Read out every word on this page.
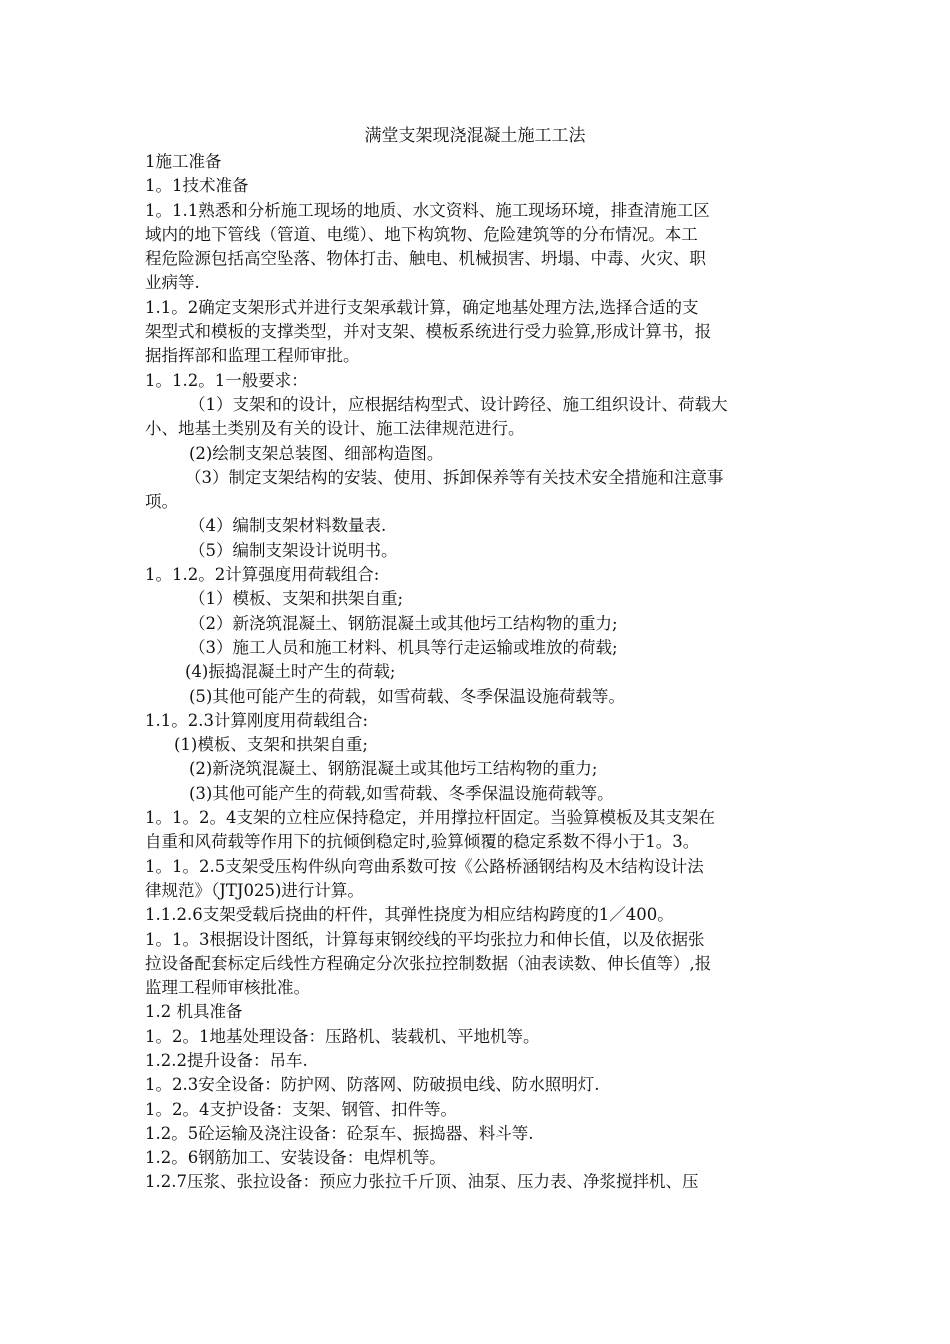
满堂支架现浇混凝土施工工法
1施工准备
1。1技术准备
1。1.1熟悉和分析施工现场的地质、水文资料、施工现场环境，排查清施工区
域内的地下管线（管道、电缆）、地下构筑物、危险建筑等的分布情况。本工
程危险源包括高空坠落、物体打击、触电、机械损害、坍塌、中毒、火灾、职
业病等.
1.1。2确定支架形式并进行支架承载计算，确定地基处理方法,选择合适的支
架型式和模板的支撑类型，并对支架、模板系统进行受力验算,形成计算书，报
据指挥部和监理工程师审批。
1。1.2。1一般要求：
（1）支架和的设计，应根据结构型式、设计跨径、施工组织设计、荷载大
小、地基土类别及有关的设计、施工法律规范进行。
(2)绘制支架总装图、细部构造图。
（3）制定支架结构的安装、使用、拆卸保养等有关技术安全措施和注意事
项。
（4）编制支架材料数量表.
（5）编制支架设计说明书。
1。1.2。2计算强度用荷载组合:
（1）模板、支架和拱架自重;
（2）新浇筑混凝土、钢筋混凝土或其他圬工结构物的重力;
（3）施工人员和施工材料、机具等行走运输或堆放的荷载;
(4)振捣混凝土时产生的荷载;
(5)其他可能产生的荷载，如雪荷载、冬季保温设施荷载等。
1.1。2.3计算刚度用荷载组合:
(1)模板、支架和拱架自重;
(2)新浇筑混凝土、钢筋混凝土或其他圬工结构物的重力;
(3)其他可能产生的荷载,如雪荷载、冬季保温设施荷载等。
1。1。2。4支架的立柱应保持稳定，并用撑拉杆固定。当验算模板及其支架在
自重和风荷载等作用下的抗倾倒稳定时,验算倾覆的稳定系数不得小于1。3。
1。1。2.5支架受压构件纵向弯曲系数可按《公路桥涵钢结构及木结构设计法
律规范》（JTJ025)进行计算。
1.1.2.6支架受载后挠曲的杆件，其弹性挠度为相应结构跨度的1／400。
1。1。3根据设计图纸，计算每束钢绞线的平均张拉力和伸长值，以及依据张
拉设备配套标定后线性方程确定分次张拉控制数据（油表读数、伸长值等）,报
监理工程师审核批准。
1.2 机具准备
1。2。1地基处理设备：压路机、装载机、平地机等。
1.2.2提升设备：吊车.
1。2.3安全设备：防护网、防落网、防破损电线、防水照明灯.
1。2。4支护设备：支架、钢管、扣件等。
1.2。5砼运输及浇注设备：砼泵车、振捣器、料斗等.
1.2。6钢筋加工、安装设备：电焊机等。
1.2.7压浆、张拉设备：预应力张拉千斤顶、油泵、压力表、净浆搅拌机、压
